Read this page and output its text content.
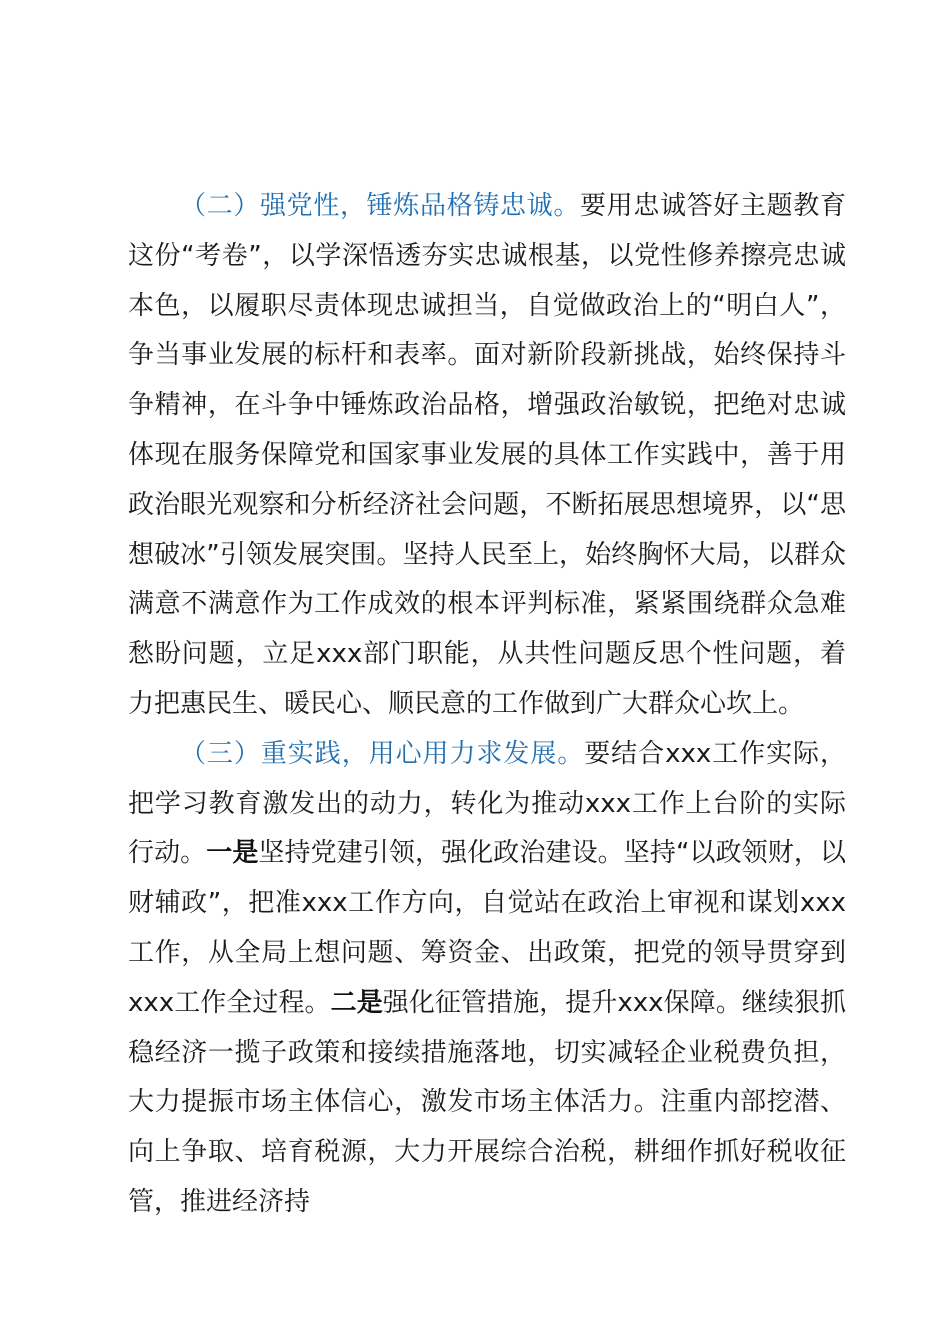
（二）强党性，锤炼品格铸忠诚。要用忠诚答好主题教育这份“考卷”，以学深悟透夯实忠诚根基，以党性修养擦亮忠诚本色，以履职尽责体现忠诚担当，自觉做政治上的“明白人”，争当事业发展的标杆和表率。面对新阶段新挑战，始终保持斗争精神，在斗争中锤炼政治品格，增强政治敏锐，把绝对忠诚体现在服务保障党和国家事业发展的具体工作实践中，善于用政治眼光观察和分析经济社会问题，不断拓展思想境界，以“思想破冰”引领发展突围。坚持人民至上，始终胸怀大局，以群众满意不满意作为工作成效的根本评判标准，紧紧围绕群众急难愁盼问题，立足xxx部门职能，从共性问题反思个性问题，着力把惠民生、暖民心、顺民意的工作做到广大群众心坎上。

（三）重实践，用心用力求发展。要结合xxx工作实际，把学习教育激发出的动力，转化为推动xxx工作上台阶的实际行动。一是坚持党建引领，强化政治建设。坚持“以政领财，以财辅政”，把准xxx工作方向，自觉站在政治上审视和谋划xxx工作，从全局上想问题、筹资金、出政策，把党的领导贯穿到xxx工作全过程。二是强化征管措施，提升xxx保障。继续狠抓稳经济一揽子政策和接续措施落地，切实减轻企业税费负担，大力提振市场主体信心，激发市场主体活力。注重内部挖潜、向上争取、培育税源，大力开展综合治税，耕细作抓好税收征管，推进经济持
